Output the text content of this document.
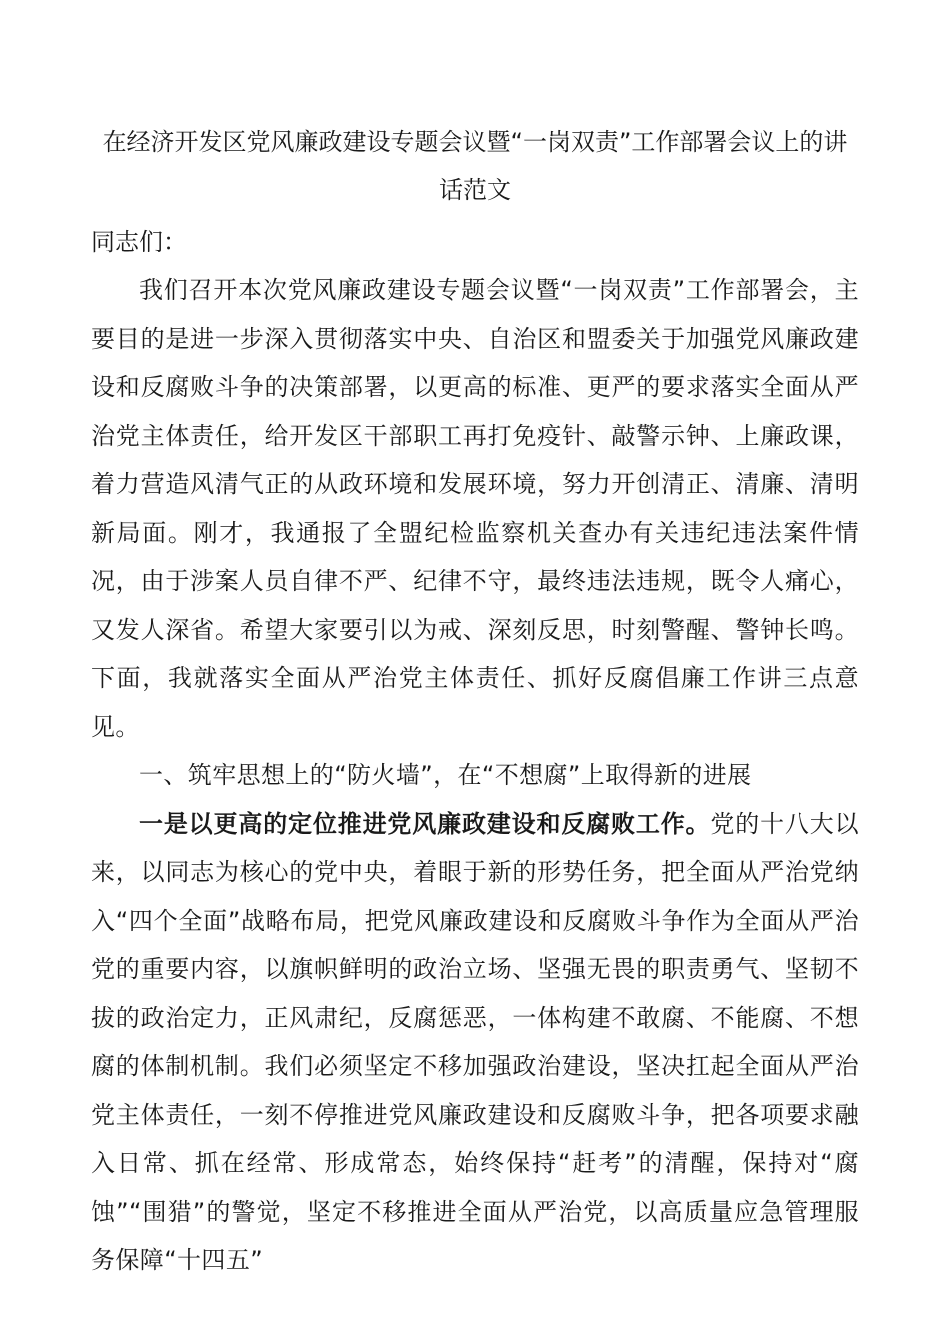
在经济开发区党风廉政建设专题会议暨“一岗双责”工作部署会议上的讲话范文

同志们：

我们召开本次党风廉政建设专题会议暨“一岗双责”工作部署会，主要目的是进一步深入贯彻落实中央、自治区和盟委关于加强党风廉政建设和反腐败斗争的决策部署，以更高的标准、更严的要求落实全面从严治党主体责任，给开发区干部职工再打免疫针、敲警示钟、上廉政课，着力营造风清气正的从政环境和发展环境，努力开创清正、清廉、清明新局面。刚才，我通报了全盟纪检监察机关查办有关违纪违法案件情况，由于涉案人员自律不严、纪律不守，最终违法违规，既令人痛心，又发人深省。希望大家要引以为戒、深刻反思，时刻警醒、警钟长鸣。下面，我就落实全面从严治党主体责任、抓好反腐倡廉工作讲三点意见。

一、筑牢思想上的“防火墙”，在“不想腐”上取得新的进展

一是以更高的定位推进党风廉政建设和反腐败工作。党的十八大以来，以同志为核心的党中央，着眼于新的形势任务，把全面从严治党纳入“四个全面”战略布局，把党风廉政建设和反腐败斗争作为全面从严治党的重要内容，以旗帜鲜明的政治立场、坚强无畏的职责勇气、坚韧不拔的政治定力，正风肃纪，反腐惩恶，一体构建不敢腐、不能腐、不想腐的体制机制。我们必须坚定不移加强政治建设，坚决扛起全面从严治党主体责任，一刻不停推进党风廉政建设和反腐败斗争，把各项要求融入日常、抓在经常、形成常态，始终保持“赶考”的清醒，保持对“腐蚀”“围猎”的警觉，坚定不移推进全面从严治党，以高质量应急管理服务保障“十四五”
